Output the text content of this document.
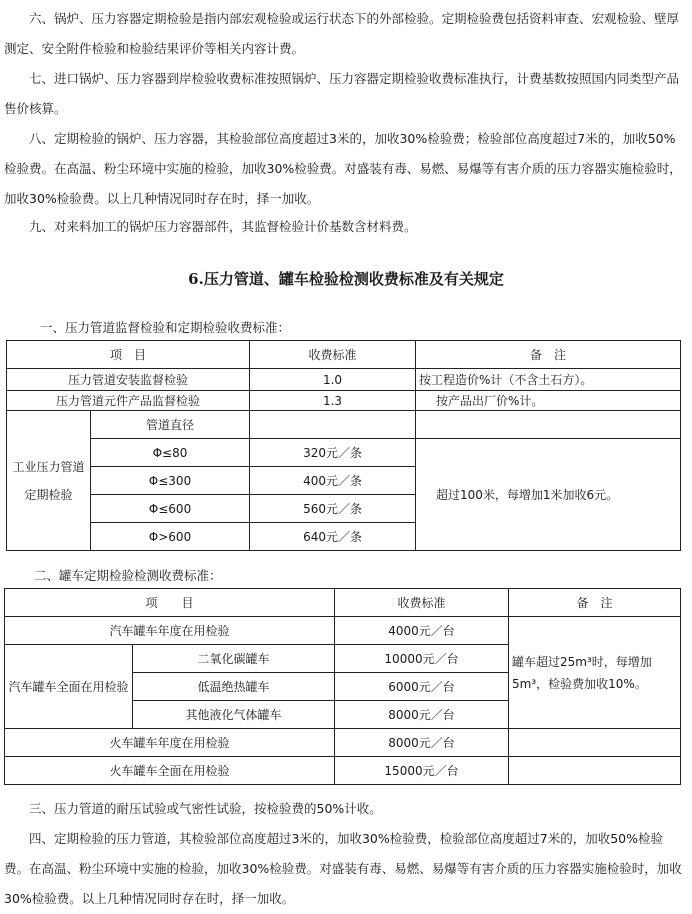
六、锅炉、压力容器定期检验是指内部宏观检验或运行状态下的外部检验。定期检验费包括资料审查、宏观检验、壁厚测定、安全附件检验和检验结果评价等相关内容计费。

七、进口锅炉、压力容器到岸检验收费标准按照锅炉、压力容器定期检验收费标准执行，计费基数按照国内同类型产品售价核算。

八、定期检验的锅炉、压力容器，其检验部位高度超过3米的，加收30%检验费；检验部位高度超过7米的，加收50%检验费。在高温、粉尘环境中实施的检验，加收30%检验费。对盛装有毒、易燃、易爆等有害介质的压力容器实施检验时，加收30%检验费。以上几种情况同时存在时，择一加收。

九、对来料加工的锅炉压力容器部件，其监督检验计价基数含材料费。

6.压力管道、罐车检验检测收费标准及有关规定

一、压力管道监督检验和定期检验收费标准：

项　目		收费标准	备　注
压力管道安装监督检验		1.0	按工程造价%计（不含土石方）。
压力管道元件产品监督检验		1.3	按产品出厂价%计。
工业压力管道定期检验	管道直径		
	Φ≤80	320元／条	超过100米，每增加1米加收6元。
	Φ≤300	400元／条	
	Φ≤600	560元／条	
	Φ>600	640元／条	

二、罐车定期检验检测收费标准：

项　　目		收费标准	备　注
汽车罐车年度在用检验		4000元／台	罐车超过25m³时，每增加5m³，检验费加收10%。
汽车罐车全面在用检验	二氧化碳罐车	10000元／台	
	低温绝热罐车	6000元／台	
	其他液化气体罐车	8000元／台	
火车罐车年度在用检验		8000元／台	
火车罐车全面在用检验		15000元／台	

三、压力管道的耐压试验或气密性试验，按检验费的50%计收。

四、定期检验的压力管道，其检验部位高度超过3米的，加收30%检验费，检验部位高度超过7米的，加收50%检验费。在高温、粉尘环境中实施的检验，加收30%检验费。对盛装有毒、易燃、易爆等有害介质的压力容器实施检验时，加收30%检验费。以上几种情况同时存在时，择一加收。
